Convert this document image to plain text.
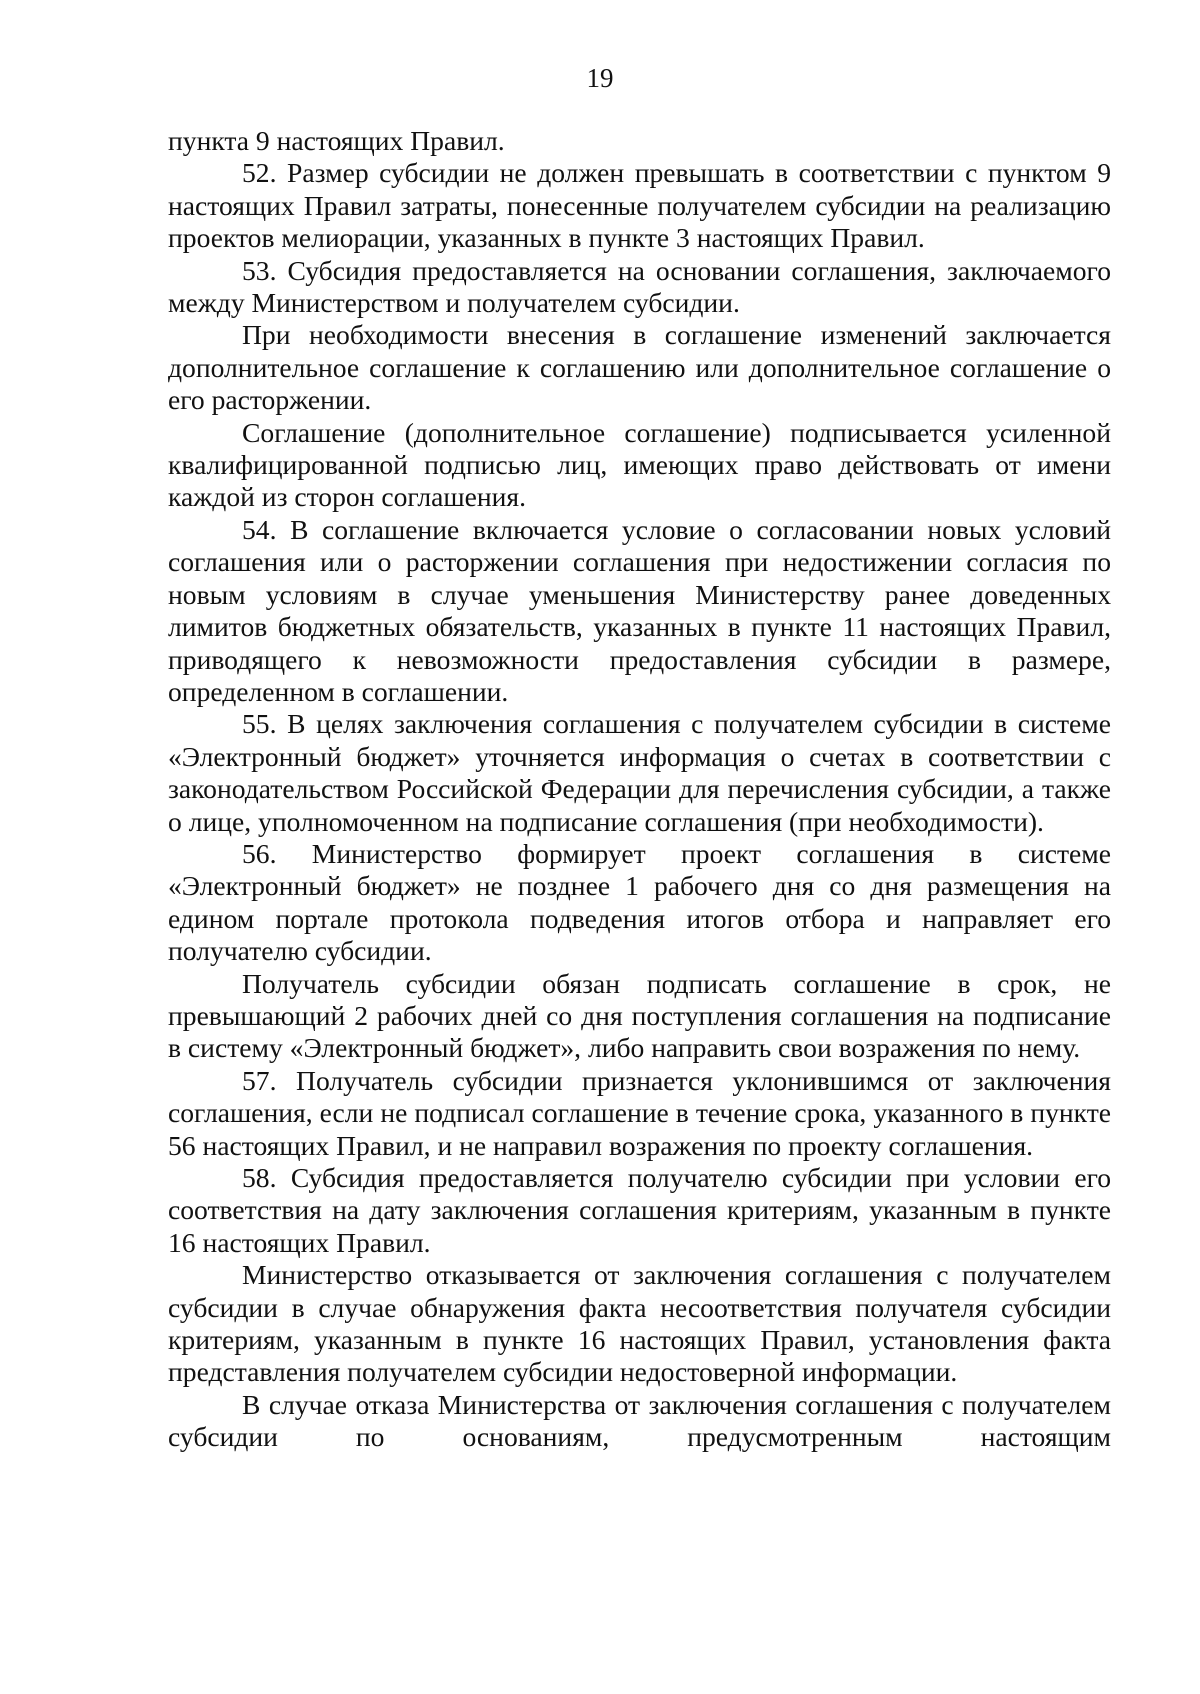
19

пункта 9 настоящих Правил.

52. Размер субсидии не должен превышать в соответствии с пунктом 9 настоящих Правил затраты, понесенные получателем субсидии на реализацию проектов мелиорации, указанных в пункте 3 настоящих Правил.

53. Субсидия предоставляется на основании соглашения, заключаемого между Министерством и получателем субсидии.

При необходимости внесения в соглашение изменений заключается дополнительное соглашение к соглашению или дополнительное соглашение о его расторжении.

Соглашение (дополнительное соглашение) подписывается усиленной квалифицированной подписью лиц, имеющих право действовать от имени каждой из сторон соглашения.

54. В соглашение включается условие о согласовании новых условий соглашения или о расторжении соглашения при недостижении согласия по новым условиям в случае уменьшения Министерству ранее доведенных лимитов бюджетных обязательств, указанных в пункте 11 настоящих Правил, приводящего к невозможности предоставления субсидии в размере, определенном в соглашении.

55. В целях заключения соглашения с получателем субсидии в системе «Электронный бюджет» уточняется информация о счетах в соответствии с законодательством Российской Федерации для перечисления субсидии, а также о лице, уполномоченном на подписание соглашения (при необходимости).

56. Министерство формирует проект соглашения в системе «Электронный бюджет» не позднее 1 рабочего дня со дня размещения на едином портале протокола подведения итогов отбора и направляет его получателю субсидии.

Получатель субсидии обязан подписать соглашение в срок, не превышающий 2 рабочих дней со дня поступления соглашения на подписание в систему «Электронный бюджет», либо направить свои возражения по нему.

57. Получатель субсидии признается уклонившимся от заключения соглашения, если не подписал соглашение в течение срока, указанного в пункте 56 настоящих Правил, и не направил возражения по проекту соглашения.

58. Субсидия предоставляется получателю субсидии при условии его соответствия на дату заключения соглашения критериям, указанным в пункте 16 настоящих Правил.

Министерство отказывается от заключения соглашения с получателем субсидии в случае обнаружения факта несоответствия получателя субсидии критериям, указанным в пункте 16 настоящих Правил, установления факта представления получателем субсидии недостоверной информации.

В случае отказа Министерства от заключения соглашения с получателем субсидии по основаниям, предусмотренным настоящим
